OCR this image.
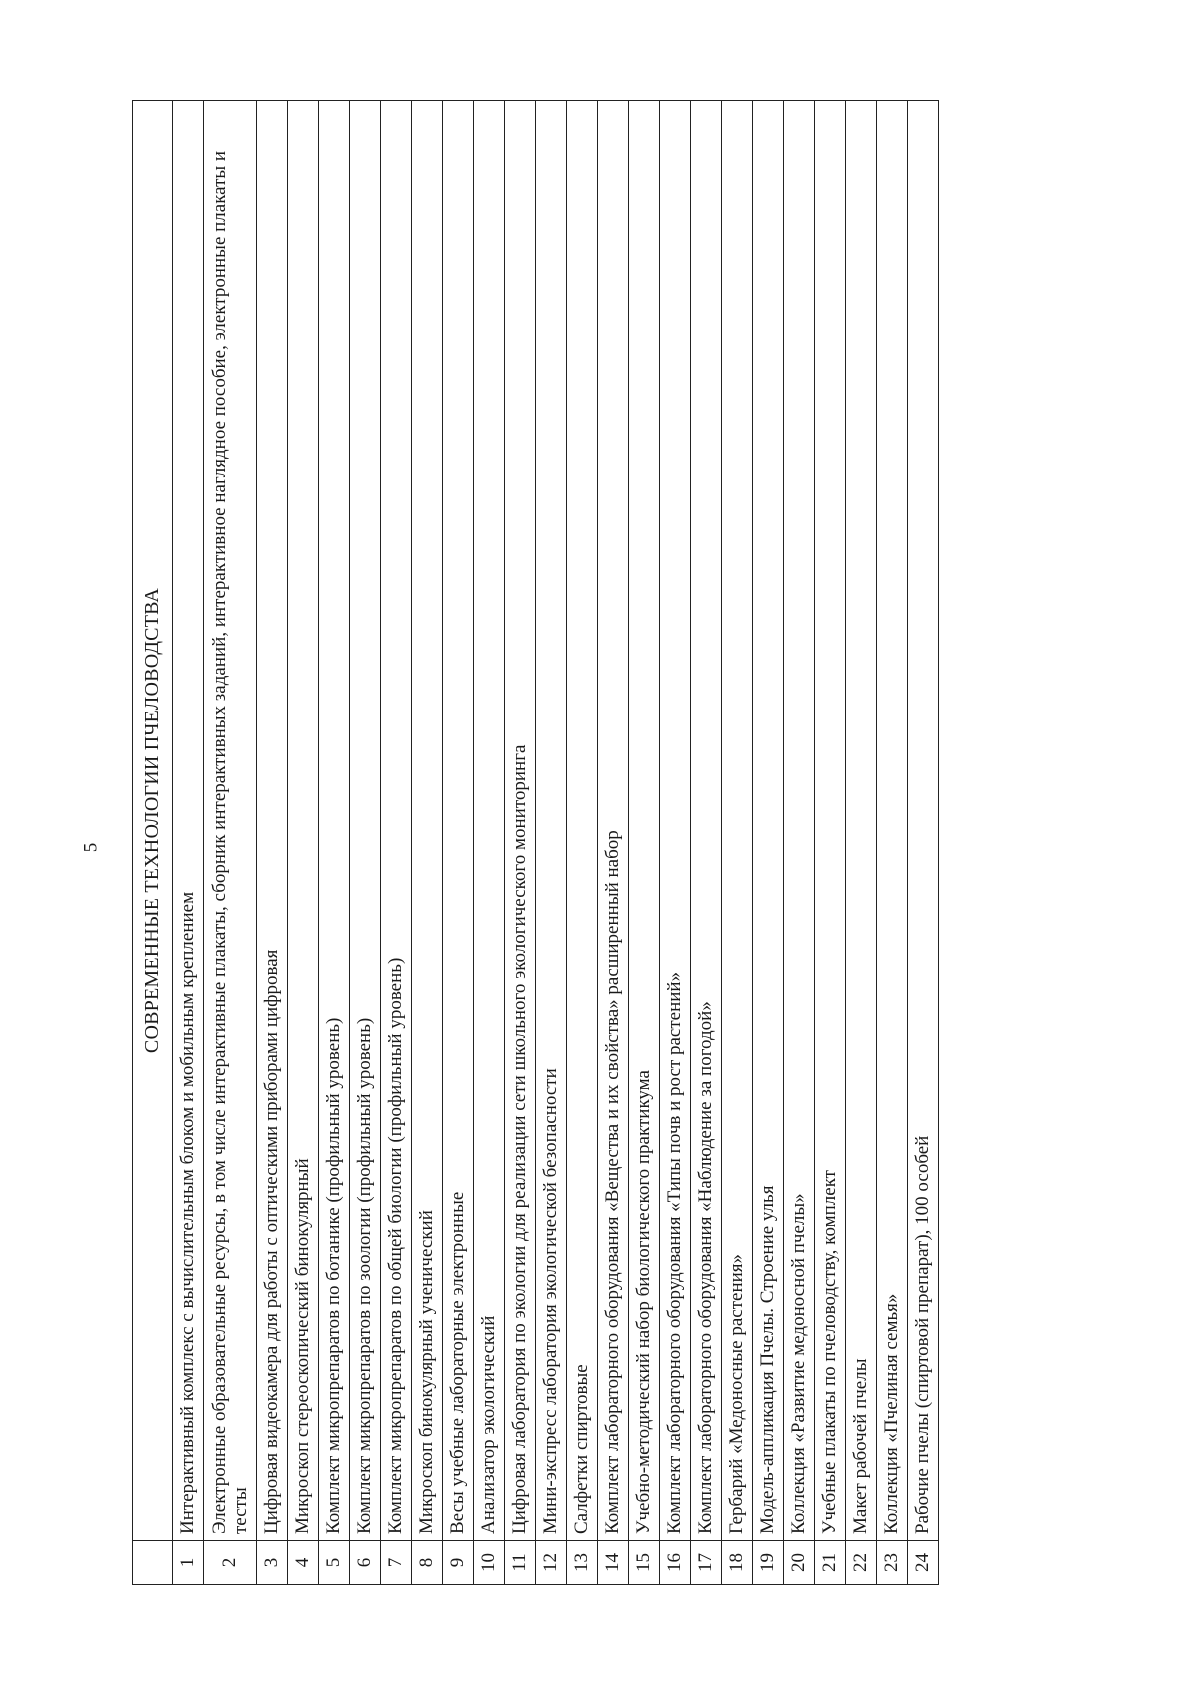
5
	СОВРЕМЕННЫЕ ТЕХНОЛОГИИ ПЧЕЛОВОДСТВА
1	Интерактивный комплекс с вычислительным блоком и мобильным креплением
2	Электронные образовательные ресурсы, в том числе интерактивные плакаты, сборник интерактивных заданий, интерактивное наглядное пособие, электронные плакаты и тесты
3	Цифровая видеокамера для работы с оптическими приборами цифровая
4	Микроскоп стереоскопический бинокулярный
5	Комплект микропрепаратов по ботанике (профильный уровень)
6	Комплект микропрепаратов по зоологии (профильный уровень)
7	Комплект микропрепаратов по общей биологии (профильный уровень)
8	Микроскоп бинокулярный ученический
9	Весы учебные лабораторные электронные
10	Анализатор экологический
11	Цифровая лаборатория по экологии для реализации сети школьного экологического мониторинга
12	Мини-экспресс лаборатория экологической безопасности
13	Салфетки спиртовые
14	Комплект лабораторного оборудования «Вещества и их свойства» расширенный набор
15	Учебно-методический набор биологического практикума
16	Комплект лабораторного оборудования «Типы почв и рост растений»
17	Комплект лабораторного оборудования «Наблюдение за погодой»
18	Гербарий «Медоносные растения»
19	Модель-аппликация Пчелы. Строение улья
20	Коллекция «Развитие медоносной пчелы»
21	Учебные плакаты по пчеловодству, комплект
22	Макет рабочей пчелы
23	Коллекция «Пчелиная семья»
24	Рабочие пчелы (спиртовой препарат), 100 особей
